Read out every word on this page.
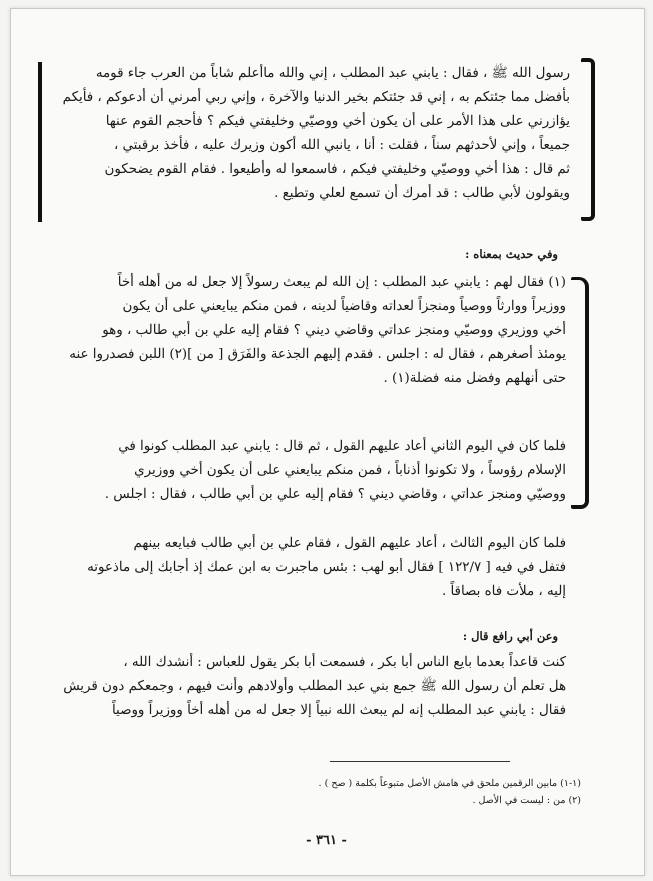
رسول الله ﷺ ، فقال : يابني عبد المطلب ، إني والله ماأعلم شاباً من العرب جاء قومه

بأفضل مما جئتكم به ، إني قد جئتكم بخير الدنيا والآخرة ، وإني ربي أمرني أن أدعوكم ، فأيكم

يؤازرني على هذا الأمر على أن يكون أخي ووصيّي وخليفتي فيكم ؟ فأحجم القوم عنها

جميعاً ، وإني لأحدثهم سناً ، فقلت : أنا ، يانبي الله أكون وزيرك عليه ، فأخذ برقبتي ،

ثم قال : هذا أخي ووصيّي وخليفتي فيكم ، فاسمعوا له وأطيعوا . فقام القوم يضحكون

ويقولون لأبي طالب : قد أمرك أن تسمع لعلي وتطيع .

وفي حديث بمعناه :

(١) فقال لهم : يابني عبد المطلب : إن الله لم يبعث رسولاً إلا جعل له من أهله أخاً

ووزيراً ووارثاً ووصياً ومنجزاً لعداته وقاضياً لدينه ، فمن منكم يبايعني على أن يكون

أخي ووزيري ووصيّي ومنجز عداتي وقاضي ديني ؟ فقام إليه علي بن أبي طالب ، وهو

يومئذ أصغرهم ، فقال له : اجلس . فقدم إليهم الجذعة والفَرَق [ من ](٢) اللبن فصدروا عنه

حتى أنهلهم وفضل منه فضلة(١) .

فلما كان في اليوم الثاني أعاد عليهم القول ، ثم قال : يابني عبد المطلب كونوا في

الإسلام رؤوساً ، ولا تكونوا أذناباً ، فمن منكم يبايعني على أن يكون أخي ووزيري

ووصيّي ومنجز عداتي ، وقاضي ديني ؟ فقام إليه علي بن أبي طالب ، فقال : اجلس .

فلما كان اليوم الثالث ، أعاد عليهم القول ، فقام علي بن أبي طالب فبايعه بينهم

فتفل في فيه [ ١٢٢/٧ ] فقال أبو لهب : بئس ماجبرت به ابن عمك إذ أجابك إلى ماذعوته

إليه ، ملأت فاه بصاقاً .

وعن أبي رافع قال :

كنت قاعداً بعدما بايع الناس أبا بكر ، فسمعت أبا بكر يقول للعباس : أنشدك الله ،

هل تعلم أن رسول الله ﷺ جمع بني عبد المطلب وأولادهم وأنت فيهم ، وجمعكم دون قريش

فقال : يابني عبد المطلب إنه لم يبعث الله نبياً إلا جعل له من أهله أخاً ووزيراً ووصياً

(١-١) مابين الرقمين ملحق في هامش الأصل متبوعاً بكلمة ( صح ) .
(٢) من : ليست في الأصل .
- ٣٦١ -
